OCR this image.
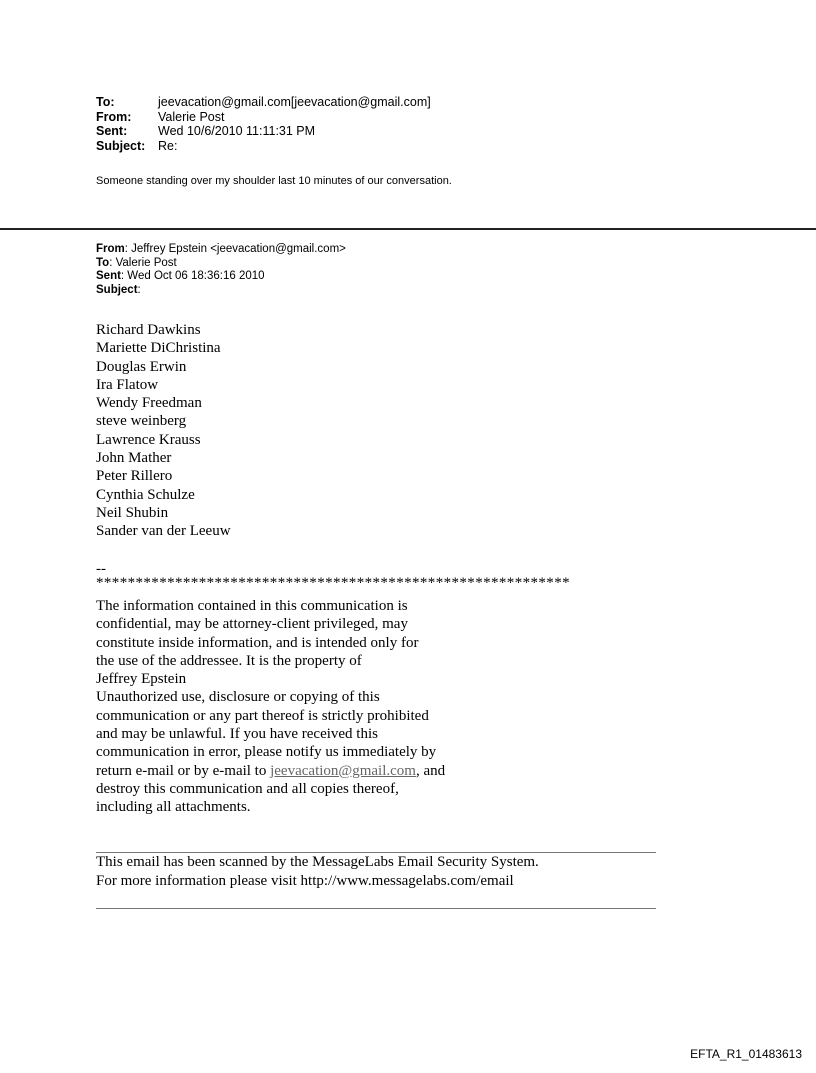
To:	jeevacation@gmail.com[jeevacation@gmail.com]
From:	Valerie Post
Sent:	Wed 10/6/2010 11:11:31 PM
Subject:	Re:
Someone standing over my shoulder last 10 minutes of our conversation.
From: Jeffrey Epstein <jeevacation@gmail.com>
To: Valerie Post
Sent: Wed Oct 06 18:36:16 2010
Subject:
Richard Dawkins
Mariette DiChristina
Douglas Erwin
Ira Flatow
Wendy Freedman
steve weinberg
Lawrence Krauss
John Mather
Peter Rillero
Cynthia Schulze
Neil Shubin
Sander van der Leeuw
--
************************************************************
The information contained in this communication is
confidential, may be attorney-client privileged, may
constitute inside information, and is intended only for
the use of the addressee. It is the property of
Jeffrey Epstein
Unauthorized use, disclosure or copying of this
communication or any part thereof is strictly prohibited
and may be unlawful. If you have received this
communication in error, please notify us immediately by
return e-mail or by e-mail to jeevacation@gmail.com, and
destroy this communication and all copies thereof,
including all attachments.
This email has been scanned by the MessageLabs Email Security System.
For more information please visit http://www.messagelabs.com/email
EFTA_R1_01483613
